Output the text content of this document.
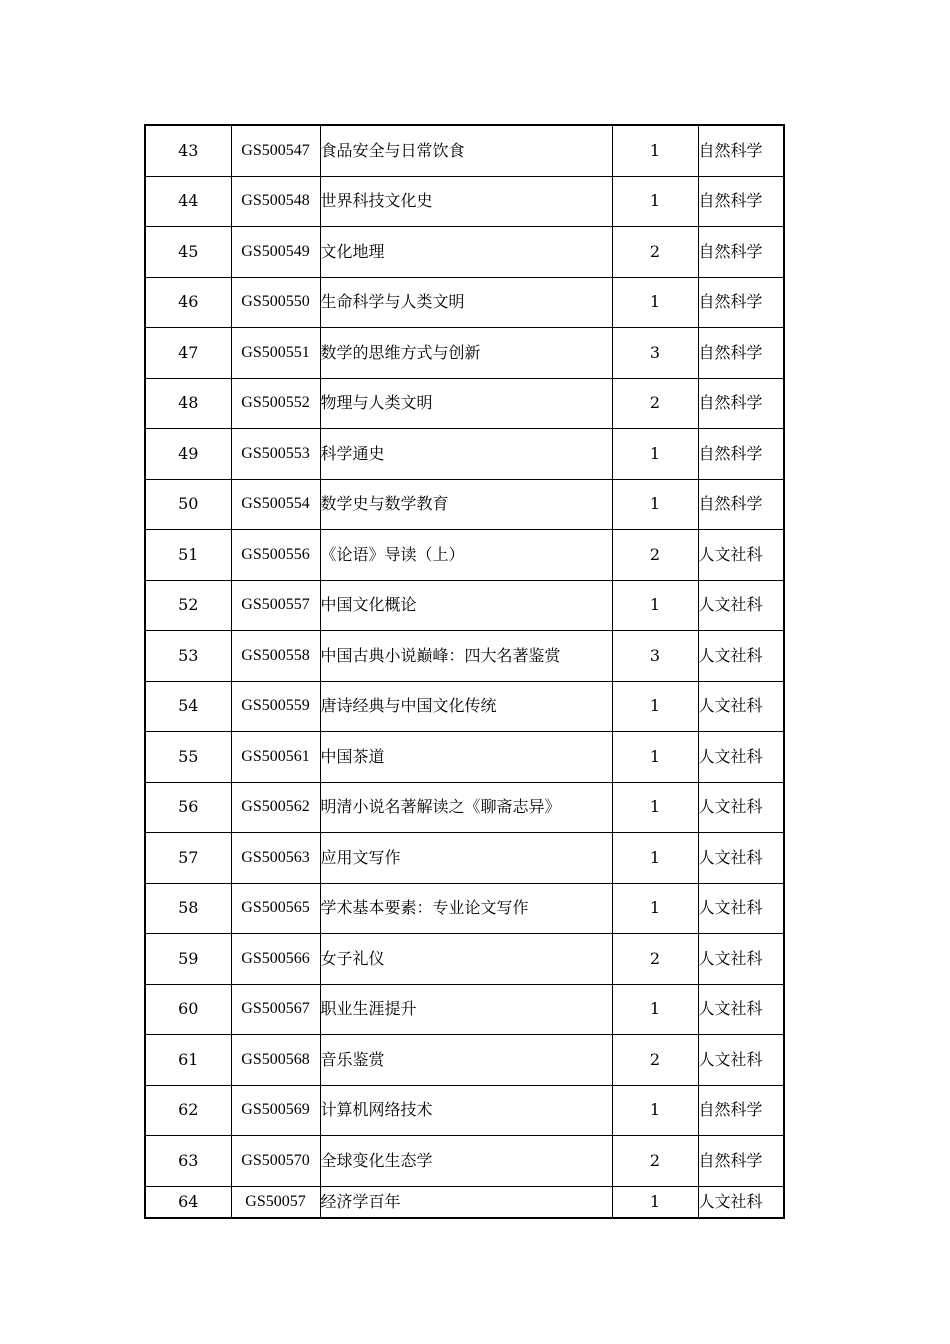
43	GS500547	食品安全与日常饮食	1	自然科学
44	GS500548	世界科技文化史	1	自然科学
45	GS500549	文化地理	2	自然科学
46	GS500550	生命科学与人类文明	1	自然科学
47	GS500551	数学的思维方式与创新	3	自然科学
48	GS500552	物理与人类文明	2	自然科学
49	GS500553	科学通史	1	自然科学
50	GS500554	数学史与数学教育	1	自然科学
51	GS500556	《论语》导读（上）	2	人文社科
52	GS500557	中国文化概论	1	人文社科
53	GS500558	中国古典小说巅峰：四大名著鉴赏	3	人文社科
54	GS500559	唐诗经典与中国文化传统	1	人文社科
55	GS500561	中国茶道	1	人文社科
56	GS500562	明清小说名著解读之《聊斋志异》	1	人文社科
57	GS500563	应用文写作	1	人文社科
58	GS500565	学术基本要素：专业论文写作	1	人文社科
59	GS500566	女子礼仪	2	人文社科
60	GS500567	职业生涯提升	1	人文社科
61	GS500568	音乐鉴赏	2	人文社科
62	GS500569	计算机网络技术	1	自然科学
63	GS500570	全球变化生态学	2	自然科学
64	GS50057	经济学百年	1	人文社科
